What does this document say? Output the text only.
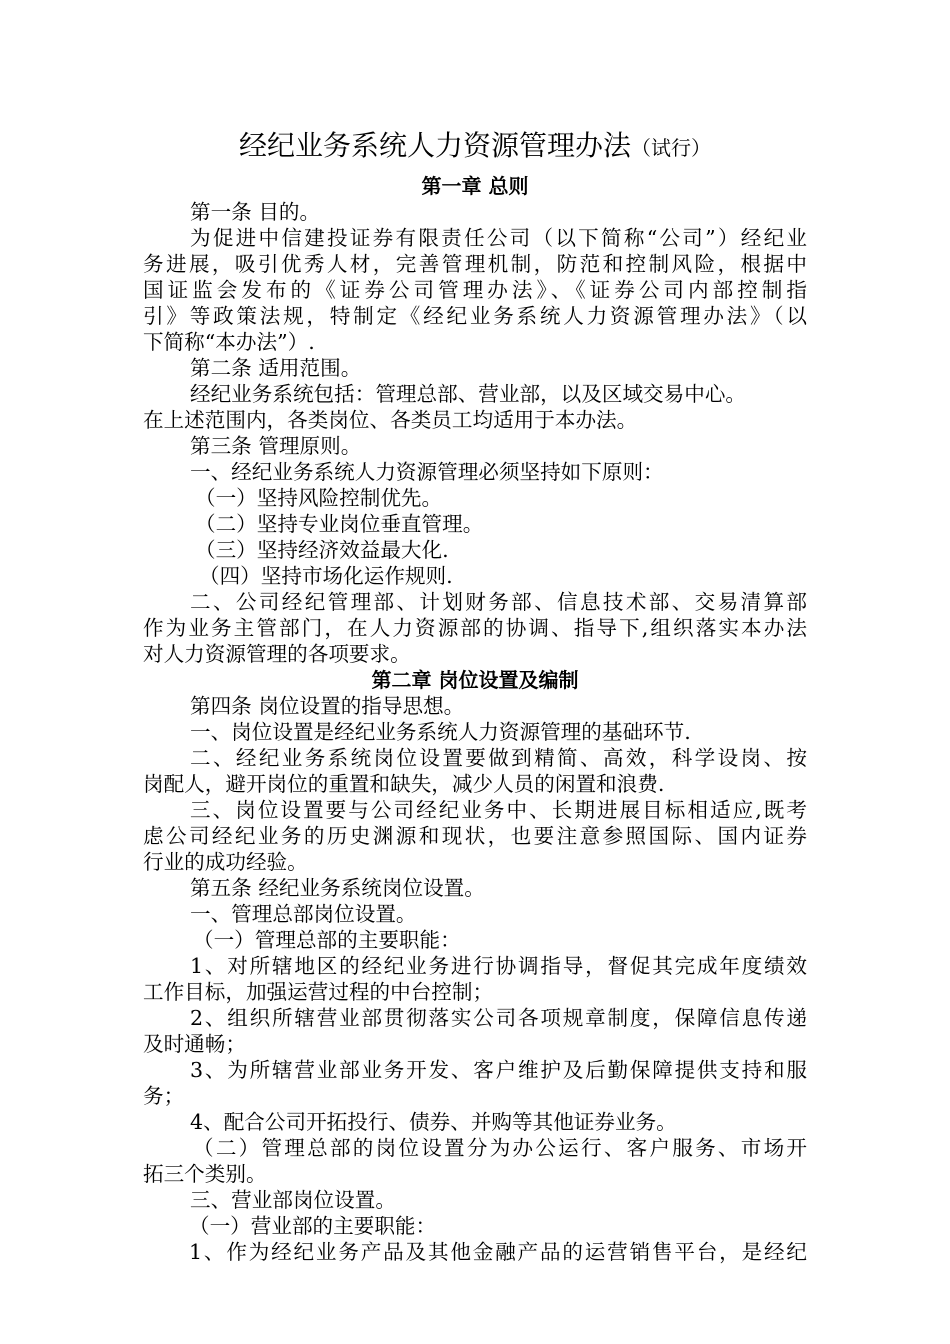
经纪业务系统人力资源管理办法（试行）
第一章 总则
第一条 目的。
为促进中信建投证券有限责任公司（以下简称“公司”）经纪业
务进展，吸引优秀人材，完善管理机制，防范和控制风险，根据中
国证监会发布的《证券公司管理办法》、《证券公司内部控制指
引》等政策法规，特制定《经纪业务系统人力资源管理办法》（以
下简称“本办法”）.
第二条 适用范围。
经纪业务系统包括：管理总部、营业部，以及区域交易中心。
在上述范围内，各类岗位、各类员工均适用于本办法。
第三条 管理原则。
一、经纪业务系统人力资源管理必须坚持如下原则：
（一）坚持风险控制优先。
（二）坚持专业岗位垂直管理。
（三）坚持经济效益最大化.
（四）坚持市场化运作规则.
二、公司经纪管理部、计划财务部、信息技术部、交易清算部
作为业务主管部门，在人力资源部的协调、指导下,组织落实本办法
对人力资源管理的各项要求。
第二章 岗位设置及编制
第四条 岗位设置的指导思想。
一、岗位设置是经纪业务系统人力资源管理的基础环节.
二、经纪业务系统岗位设置要做到精简、高效，科学设岗、按
岗配人，避开岗位的重置和缺失，减少人员的闲置和浪费.
三、岗位设置要与公司经纪业务中、长期进展目标相适应,既考
虑公司经纪业务的历史渊源和现状，也要注意参照国际、国内证券
行业的成功经验。
第五条 经纪业务系统岗位设置。
一、管理总部岗位设置。
（一）管理总部的主要职能：
1、对所辖地区的经纪业务进行协调指导，督促其完成年度绩效
工作目标，加强运营过程的中台控制；
2、组织所辖营业部贯彻落实公司各项规章制度，保障信息传递
及时通畅；
3、为所辖营业部业务开发、客户维护及后勤保障提供支持和服
务；
4、配合公司开拓投行、债券、并购等其他证券业务。
（二）管理总部的岗位设置分为办公运行、客户服务、市场开
拓三个类别。
三、营业部岗位设置。
（一）营业部的主要职能：
1、作为经纪业务产品及其他金融产品的运营销售平台，是经纪
